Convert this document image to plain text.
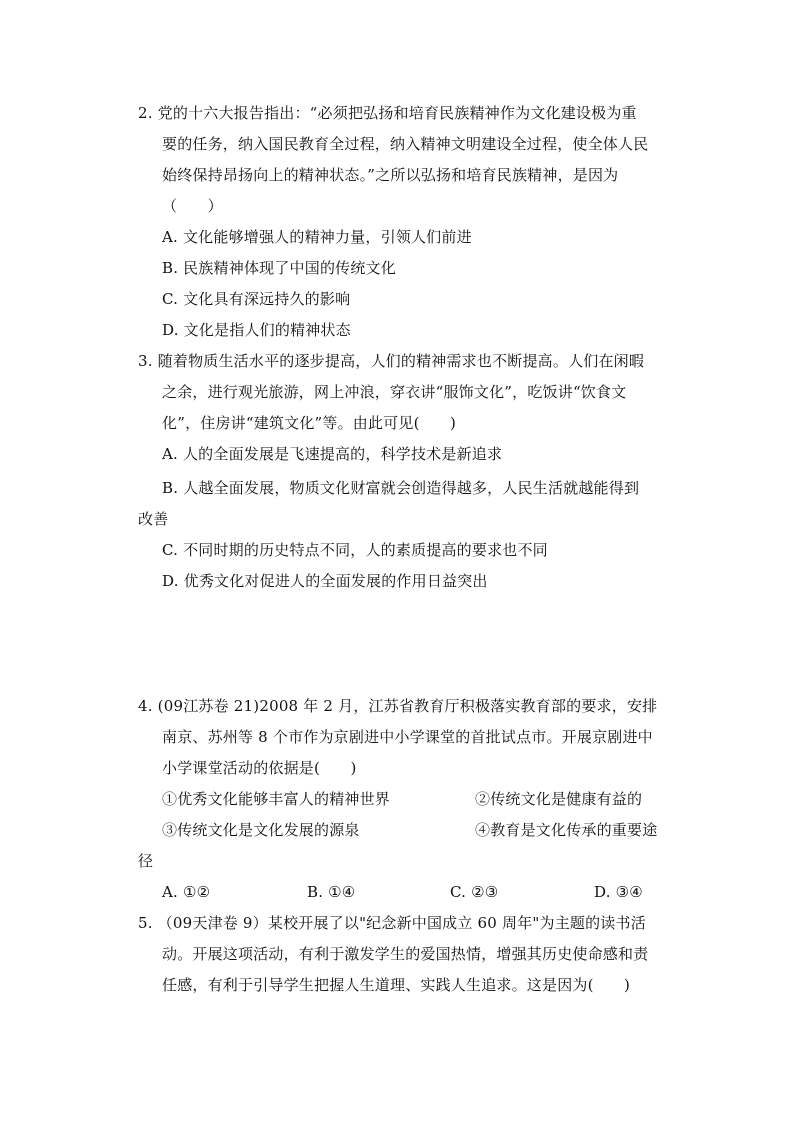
2. 党的十六大报告指出：“必须把弘扬和培育民族精神作为文化建设极为重
要的任务，纳入国民教育全过程，纳入精神文明建设全过程，使全体人民
始终保持昂扬向上的精神状态。”之所以弘扬和培育民族精神，是因为
（　　）
A. 文化能够增强人的精神力量，引领人们前进
B. 民族精神体现了中国的传统文化
C. 文化具有深远持久的影响
D. 文化是指人们的精神状态
3. 随着物质生活水平的逐步提高，人们的精神需求也不断提高。人们在闲暇
之余，进行观光旅游，网上冲浪，穿衣讲“服饰文化”，吃饭讲“饮食文
化”，住房讲“建筑文化”等。由此可见(　　)
A. 人的全面发展是飞速提高的，科学技术是新追求
B. 人越全面发展，物质文化财富就会创造得越多，人民生活就越能得到
改善
C. 不同时期的历史特点不同，人的素质提高的要求也不同
D. 优秀文化对促进人的全面发展的作用日益突出
4. (09江苏卷 21)2008 年 2 月，江苏省教育厅积极落实教育部的要求，安排
南京、苏州等 8 个市作为京剧进中小学课堂的首批试点市。开展京剧进中
小学课堂活动的依据是(　　)
①优秀文化能够丰富人的精神世界	②传统文化是健康有益的
③传统文化是文化发展的源泉	④教育是文化传承的重要途
径
A. ①②	B. ①④	C. ②③	D. ③④
5. （09天津卷 9）某校开展了以"纪念新中国成立 60 周年"为主题的读书活
动。开展这项活动，有利于激发学生的爱国热情，增强其历史使命感和责
任感，有利于引导学生把握人生道理、实践人生追求。这是因为(　　)
